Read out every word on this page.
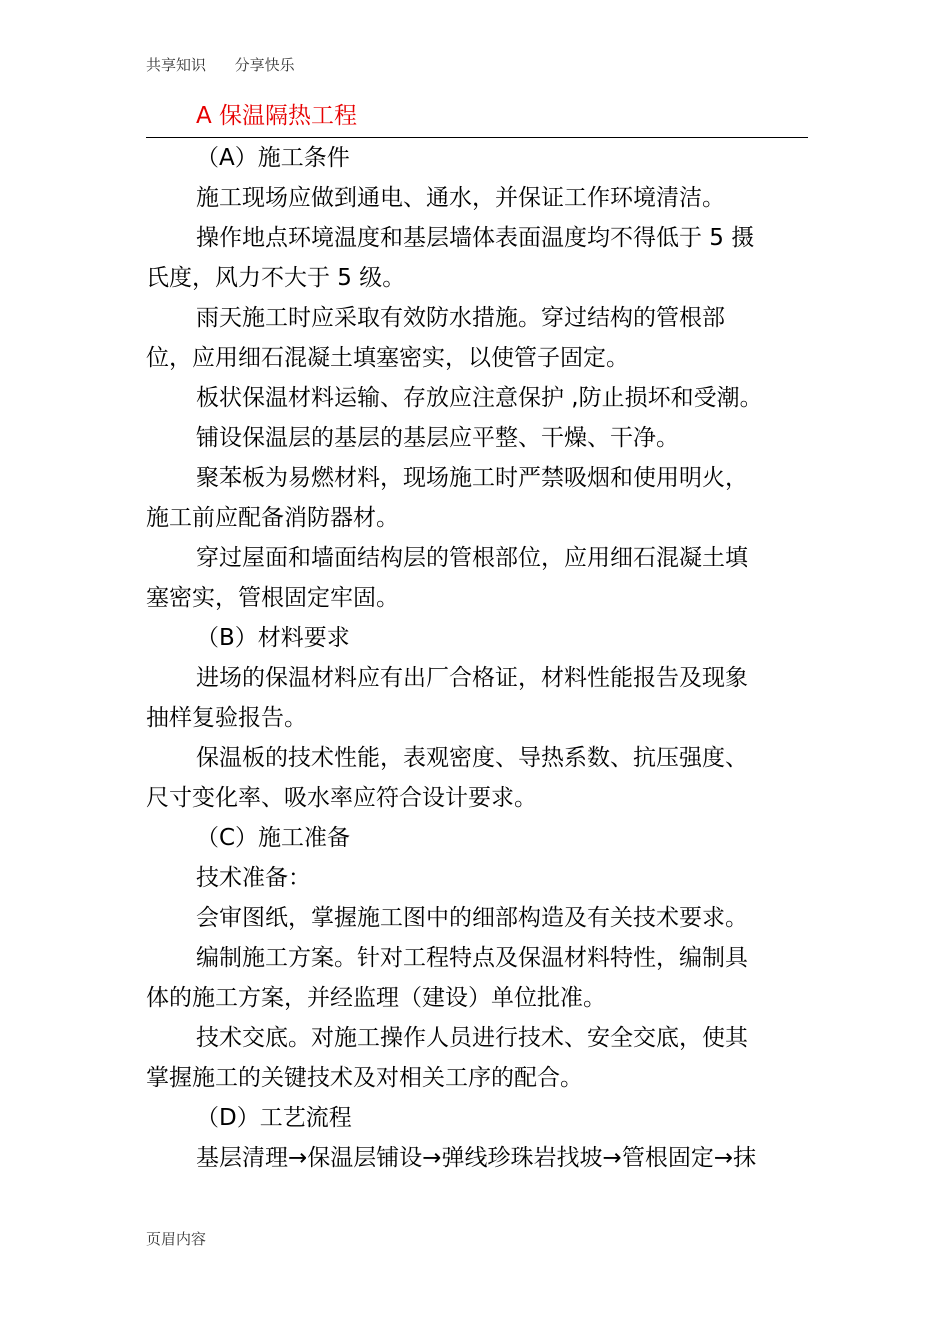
共享知识      分享快乐
A 保温隔热工程
（A）施工条件
施工现场应做到通电、通水，并保证工作环境清洁。
操作地点环境温度和基层墙体表面温度均不得低于 5 摄
氏度，风力不大于 5 级。
雨天施工时应采取有效防水措施。穿过结构的管根部
位，应用细石混凝土填塞密实，以使管子固定。
板状保温材料运输、存放应注意保护 ,防止损坏和受潮。
铺设保温层的基层的基层应平整、干燥、干净。
聚苯板为易燃材料，现场施工时严禁吸烟和使用明火，
施工前应配备消防器材。
穿过屋面和墙面结构层的管根部位，应用细石混凝土填
塞密实，管根固定牢固。
（B）材料要求
进场的保温材料应有出厂合格证，材料性能报告及现象
抽样复验报告。
保温板的技术性能，表观密度、导热系数、抗压强度、
尺寸变化率、吸水率应符合设计要求。
（C）施工准备
技术准备：
会审图纸，掌握施工图中的细部构造及有关技术要求。
编制施工方案。针对工程特点及保温材料特性，编制具
体的施工方案，并经监理（建设）单位批准。
技术交底。对施工操作人员进行技术、安全交底，使其
掌握施工的关键技术及对相关工序的配合。
（D）工艺流程
基层清理→保温层铺设→弹线珍珠岩找坡→管根固定→抹
页眉内容
